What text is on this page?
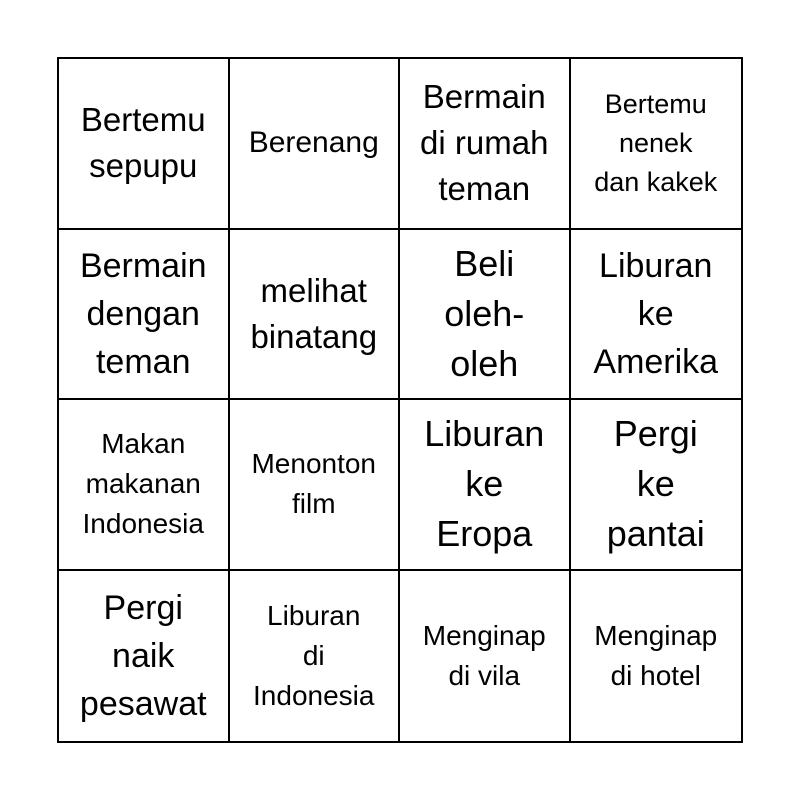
Bertemu
sepupu
Berenang
Bermain
di rumah
teman
Bertemu
nenek
dan kakek
Bermain
dengan
teman
melihat
binatang
Beli
oleh-
oleh
Liburan
ke
Amerika
Makan
makanan
Indonesia
Menonton
film
Liburan
ke
Eropa
Pergi
ke
pantai
Pergi
naik
pesawat
Liburan
di
Indonesia
Menginap
di vila
Menginap
di hotel
